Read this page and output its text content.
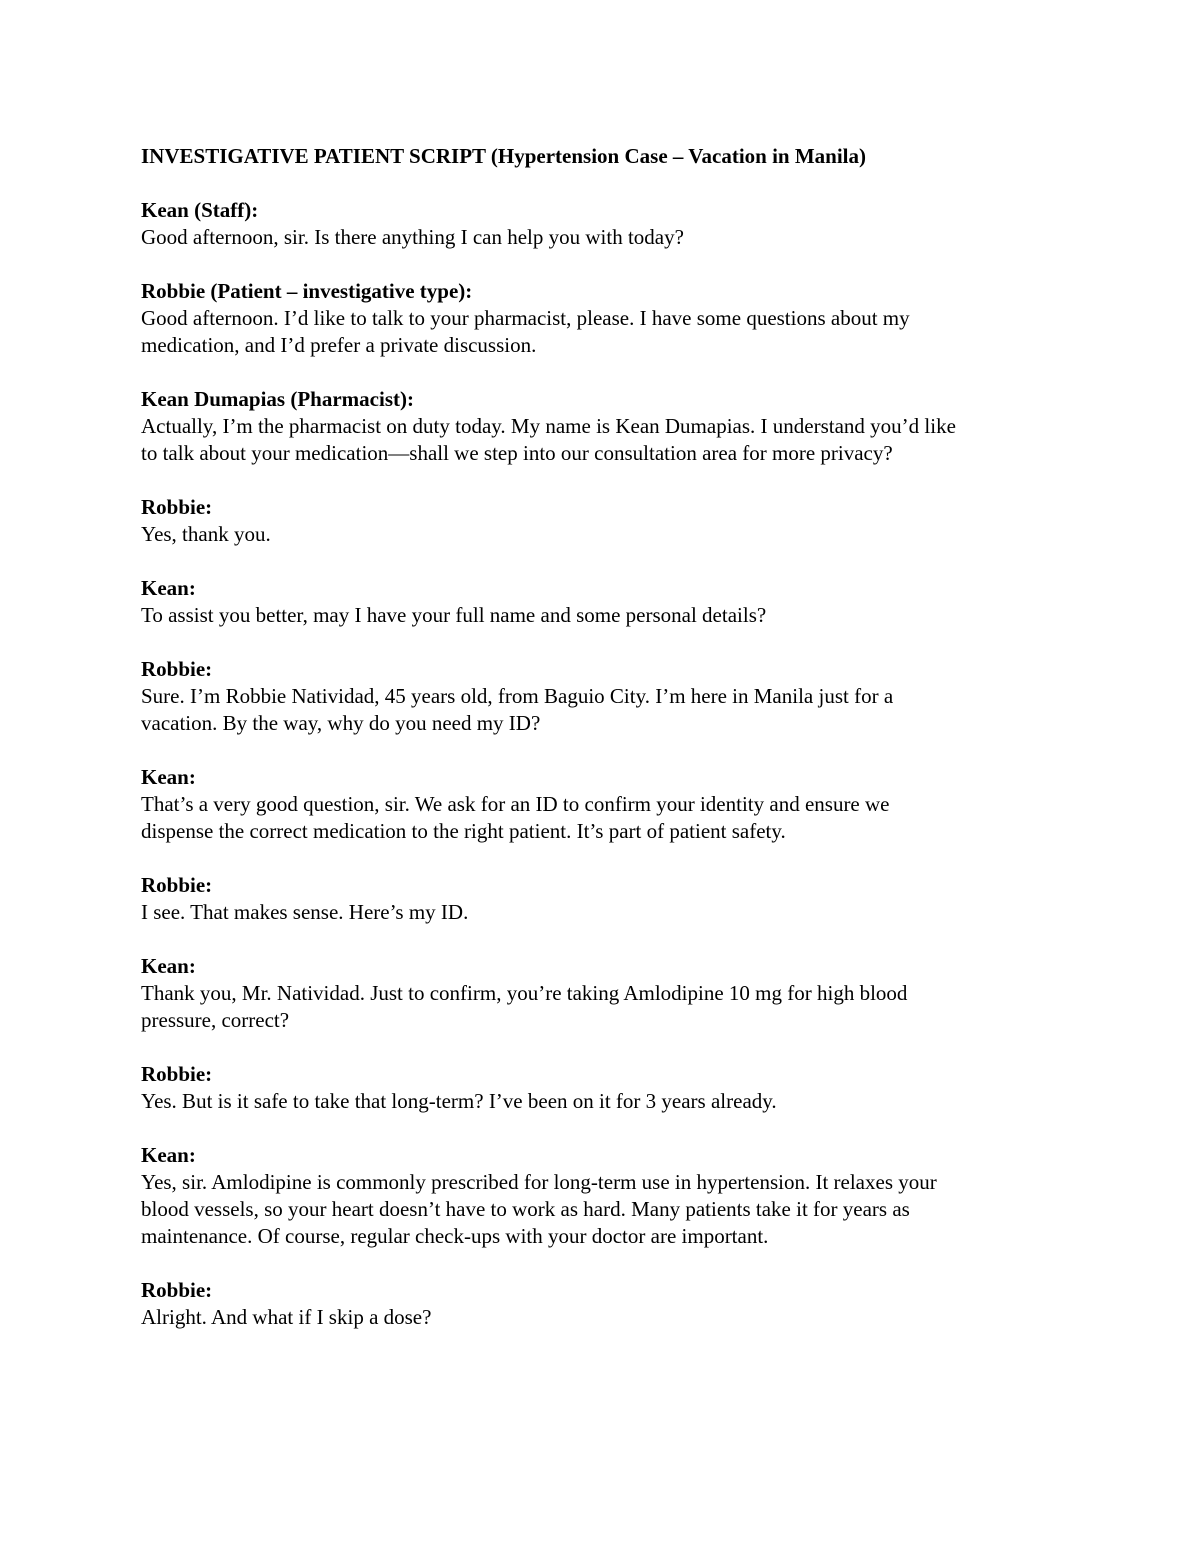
INVESTIGATIVE PATIENT SCRIPT (Hypertension Case – Vacation in Manila)

Kean (Staff):

Good afternoon, sir. Is there anything I can help you with today?

Robbie (Patient – investigative type):

Good afternoon. I’d like to talk to your pharmacist, please. I have some questions about my

medication, and I’d prefer a private discussion.

Kean Dumapias (Pharmacist):

Actually, I’m the pharmacist on duty today. My name is Kean Dumapias. I understand you’d like

to talk about your medication—shall we step into our consultation area for more privacy?

Robbie:

Yes, thank you.

Kean:

To assist you better, may I have your full name and some personal details?

Robbie:

Sure. I’m Robbie Natividad, 45 years old, from Baguio City. I’m here in Manila just for a

vacation. By the way, why do you need my ID?

Kean:

That’s a very good question, sir. We ask for an ID to confirm your identity and ensure we

dispense the correct medication to the right patient. It’s part of patient safety.

Robbie:

I see. That makes sense. Here’s my ID.

Kean:

Thank you, Mr. Natividad. Just to confirm, you’re taking Amlodipine 10 mg for high blood

pressure, correct?

Robbie:

Yes. But is it safe to take that long-term? I’ve been on it for 3 years already.

Kean:

Yes, sir. Amlodipine is commonly prescribed for long-term use in hypertension. It relaxes your

blood vessels, so your heart doesn’t have to work as hard. Many patients take it for years as

maintenance. Of course, regular check-ups with your doctor are important.

Robbie:

Alright. And what if I skip a dose?
